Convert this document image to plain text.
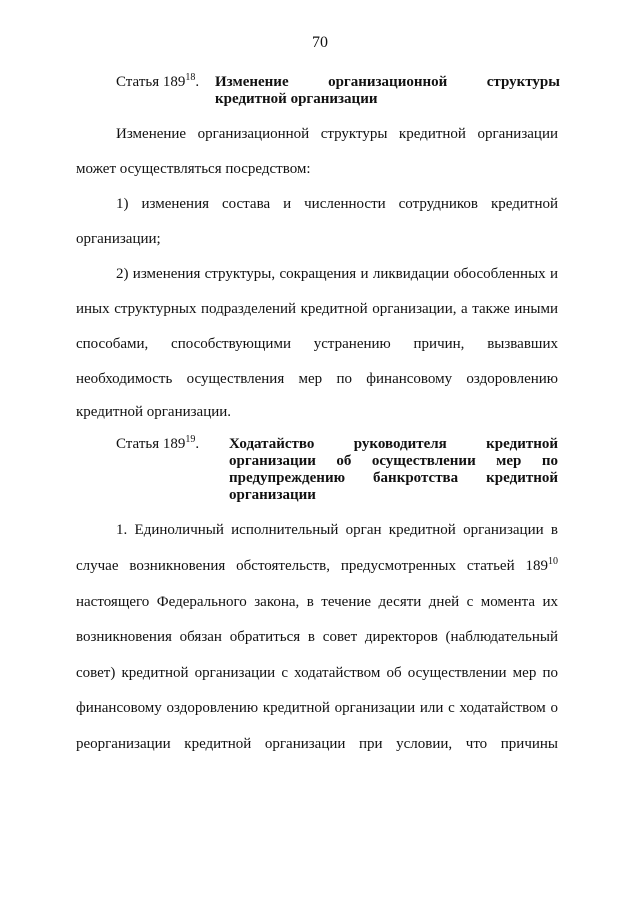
70
Статья $189^{18}$.	Изменение организационной структуры кредитной организации
Изменение организационной структуры кредитной организации
может осуществляться посредством:
1) изменения состава и численности сотрудников кредитной
организации;
2) изменения структуры, сокращения и ликвидации обособленных и
иных структурных подразделений кредитной организации, а также иными
способами, способствующими устранению причин, вызвавших
необходимость осуществления мер по финансовому оздоровлению
кредитной организации.
Статья $189^{19}$.	Ходатайство руководителя кредитной организации об осуществлении мер по предупреждению банкротства кредитной организации
1. Единоличный исполнительный орган кредитной организации в
случае возникновения обстоятельств, предусмотренных статьей $189^{10}$
настоящего Федерального закона, в течение десяти дней с момента их
возникновения обязан обратиться в совет директоров (наблюдательный
совет) кредитной организации с ходатайством об осуществлении мер по
финансовому оздоровлению кредитной организации или с ходатайством о
реорганизации кредитной организации при условии, что причины
